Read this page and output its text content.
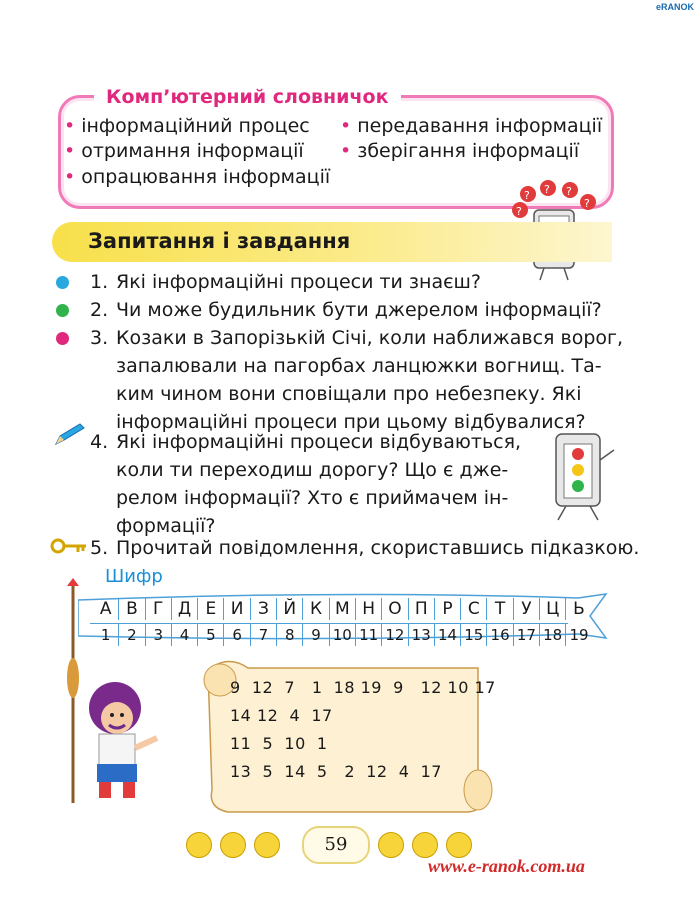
eRANOK
Комп’ютерний словничок
• інформаційний процес
• отримання інформації
• опрацювання інформації
• передавання інформації
• зберігання інформації
?
? ? ?
?
Запитання і завдання
1. Які інформаційні процеси ти знаєш?
2. Чи може будильник бути джерелом інформації?
3. Козаки в Запорізькій Січі, коли наближався ворог,
запалювали на пагорбах ланцюжки вогнищ. Та-
ким чином вони сповіщали про небезпеку. Які
інформаційні процеси при цьому відбувалися?
4. Які інформаційні процеси відбуваються,
коли ти переходиш дорогу? Що є дже-
релом інформації? Хто є приймачем ін-
формації?
5. Прочитай повідомлення, скориставшись підказкою.
Шифр
А В Г Д Е И З Й К М Н О П Р С Т У Ц Ь
1	2	3	4	5	6	7	8	9 10 11 12 13 14 15 16 17 18 19
9  12  7   1  18 19  9   12 10 17
14 12  4  17
11  5  10  1
13  5  14  5   2  12  4  17
59
www.e-ranok.com.ua
